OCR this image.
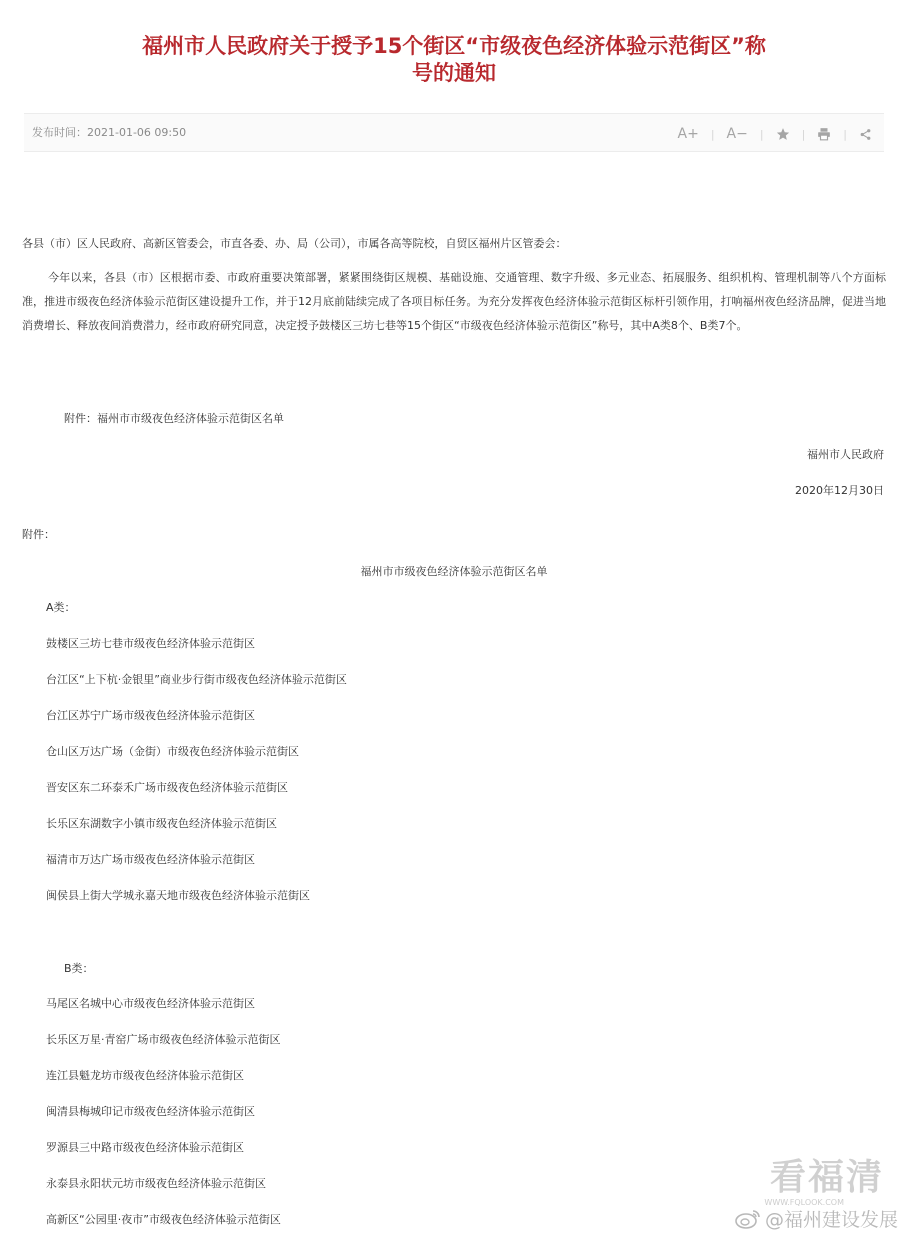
福州市人民政府关于授予15个街区“市级夜色经济体验示范街区”称号的通知
发布时间：2021-01-06 09:50	A+	| A−	|	|	|

各县（市）区人民政府、高新区管委会，市直各委、办、局（公司），市属各高等院校，自贸区福州片区管委会：

今年以来，各县（市）区根据市委、市政府重要决策部署，紧紧围绕街区规模、基础设施、交通管理、数字升级、多元业态、拓展服务、组织机构、管理机制等八个方面标准，推进市级夜色经济体验示范街区建设提升工作，并于12月底前陆续完成了各项目标任务。为充分发挥夜色经济体验示范街区标杆引领作用，打响福州夜色经济品牌，促进当地消费增长、释放夜间消费潜力，经市政府研究同意，决定授予鼓楼区三坊七巷等15个街区“市级夜色经济体验示范街区”称号，其中A类8个、B类7个。

附件：福州市市级夜色经济体验示范街区名单

福州市人民政府

2020年12月30日

附件：

福州市市级夜色经济体验示范街区名单

A类：

鼓楼区三坊七巷市级夜色经济体验示范街区
台江区“上下杭·金银里”商业步行街市级夜色经济体验示范街区
台江区苏宁广场市级夜色经济体验示范街区
仓山区万达广场（金街）市级夜色经济体验示范街区
晋安区东二环泰禾广场市级夜色经济体验示范街区
长乐区东湖数字小镇市级夜色经济体验示范街区
福清市万达广场市级夜色经济体验示范街区
闽侯县上街大学城永嘉天地市级夜色经济体验示范街区

B类：

马尾区名城中心市级夜色经济体验示范街区
长乐区万星·青窑广场市级夜色经济体验示范街区
连江县魁龙坊市级夜色经济体验示范街区
闽清县梅城印记市级夜色经济体验示范街区
罗源县三中路市级夜色经济体验示范街区
永泰县永阳状元坊市级夜色经济体验示范街区
高新区“公园里·夜市”市级夜色经济体验示范街区
看福清
WWW.FQLOOK.COM
@福州建设发展
